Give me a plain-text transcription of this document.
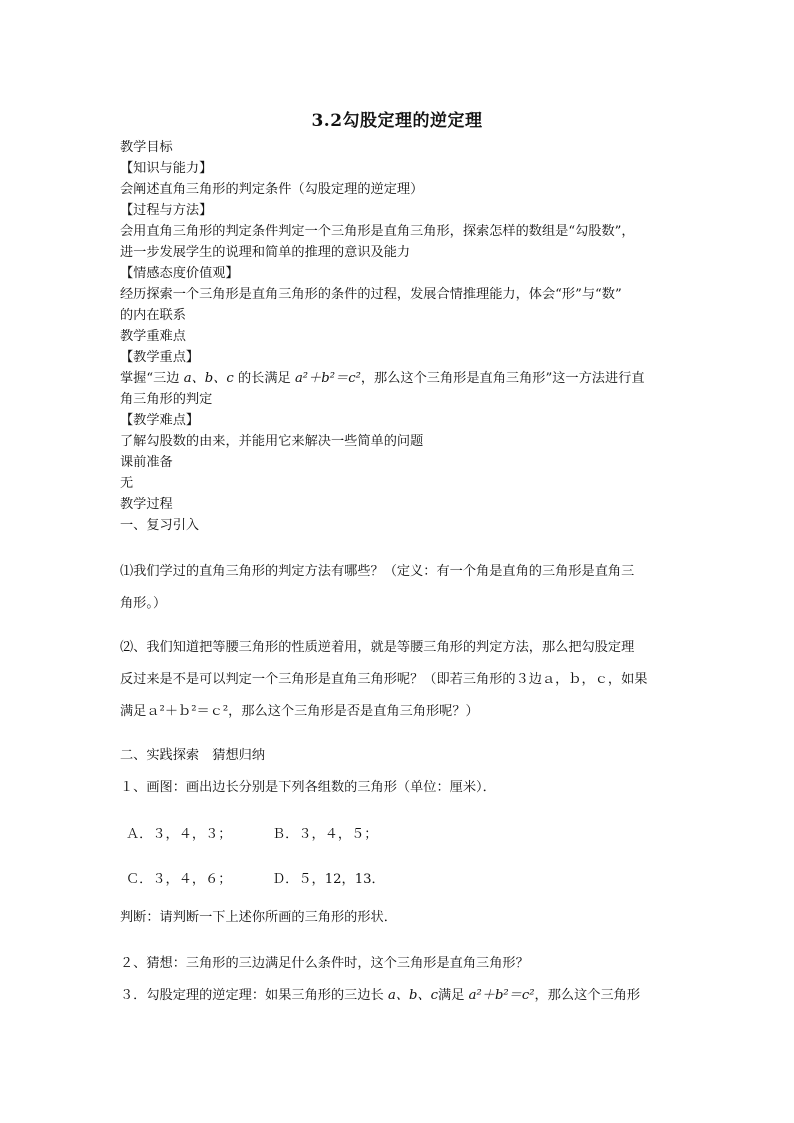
3.2勾股定理的逆定理
教学目标
【知识与能力】
会阐述直角三角形的判定条件（勾股定理的逆定理）
【过程与方法】
会用直角三角形的判定条件判定一个三角形是直角三角形，探索怎样的数组是“勾股数”，
进一步发展学生的说理和简单的推理的意识及能力
【情感态度价值观】
经历探索一个三角形是直角三角形的条件的过程，发展合情推理能力，体会“形”与“数”
的内在联系
教学重难点
【教学重点】
掌握“三边 a、b、c 的长满足 a²＋b²＝c²，那么这个三角形是直角三角形”这一方法进行直
角三角形的判定
【教学难点】
了解勾股数的由来，并能用它来解决一些简单的问题
课前准备
无
教学过程
一、复习引入
⑴我们学过的直角三角形的判定方法有哪些？（定义：有一个角是直角的三角形是直角三
角形。）
⑵、我们知道把等腰三角形的性质逆着用，就是等腰三角形的判定方法，那么把勾股定理
反过来是不是可以判定一个三角形是直角三角形呢？（即若三角形的３边ａ，ｂ，ｃ，如果
满足ａ²＋ｂ²＝ｃ²，那么这个三角形是否是直角三角形呢？）
二、实践探索　猜想归纳
１、画图：画出边长分别是下列各组数的三角形（单位：厘米）．
Ａ．３，４，３；	Ｂ．３，４，５；
Ｃ．３，４，６；	Ｄ．５，12，13．
判断：请判断一下上述你所画的三角形的形状．
２、猜想：三角形的三边满足什么条件时，这个三角形是直角三角形？
３．勾股定理的逆定理：如果三角形的三边长 a、b、c满足 a²＋b²＝c²，那么这个三角形
